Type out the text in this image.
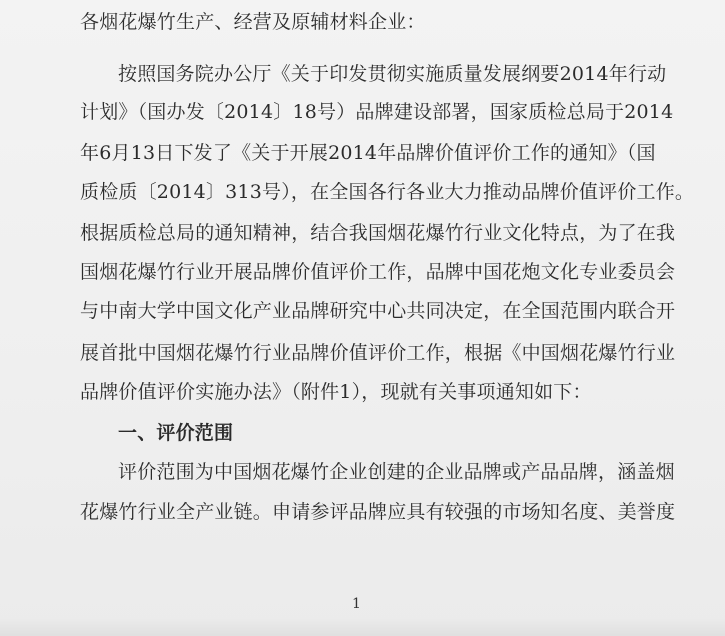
各烟花爆竹生产、经营及原辅材料企业：
按照国务院办公厅《关于印发贯彻实施质量发展纲要2014年行动
计划》（国办发〔2014〕18号）品牌建设部署，国家质检总局于2014
年6月13日下发了《关于开展2014年品牌价值评价工作的通知》（国
质检质〔2014〕313号），在全国各行各业大力推动品牌价值评价工作。
根据质检总局的通知精神，结合我国烟花爆竹行业文化特点，为了在我
国烟花爆竹行业开展品牌价值评价工作，品牌中国花炮文化专业委员会
与中南大学中国文化产业品牌研究中心共同决定，在全国范围内联合开
展首批中国烟花爆竹行业品牌价值评价工作，根据《中国烟花爆竹行业
品牌价值评价实施办法》（附件1），现就有关事项通知如下：
一、评价范围
评价范围为中国烟花爆竹企业创建的企业品牌或产品品牌，涵盖烟
花爆竹行业全产业链。申请参评品牌应具有较强的市场知名度、美誉度
1
